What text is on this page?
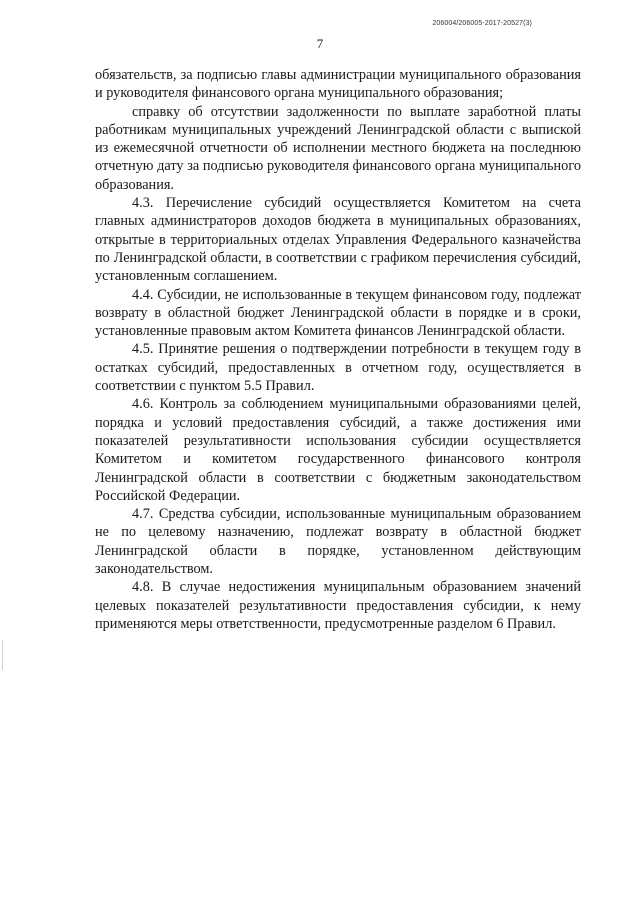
206004/206005-2017-20527(3)
7

обязательств, за подписью главы администрации муниципального образования и руководителя финансового органа муниципального образования;

справку об отсутствии задолженности по выплате заработной платы работникам муниципальных учреждений Ленинградской области с выпиской из ежемесячной отчетности об исполнении местного бюджета на последнюю отчетную дату за подписью руководителя финансового органа муниципального образования.

4.3. Перечисление субсидий осуществляется Комитетом на счета главных администраторов доходов бюджета в муниципальных образованиях, открытые в территориальных отделах Управления Федерального казначейства по Ленинградской области, в соответствии с графиком перечисления субсидий, установленным соглашением.

4.4. Субсидии, не использованные в текущем финансовом году, подлежат возврату в областной бюджет Ленинградской области в порядке и в сроки, установленные правовым актом Комитета финансов Ленинградской области.

4.5. Принятие решения о подтверждении потребности в текущем году в остатках субсидий, предоставленных в отчетном году, осуществляется в соответствии с пунктом 5.5 Правил.

4.6. Контроль за соблюдением муниципальными образованиями целей, порядка и условий предоставления субсидий, а также достижения ими показателей результативности использования субсидии осуществляется Комитетом и комитетом государственного финансового контроля Ленинградской области в соответствии с бюджетным законодательством Российской Федерации.

4.7. Средства субсидии, использованные муниципальным образованием не по целевому назначению, подлежат возврату в областной бюджет Ленинградской области в порядке, установленном действующим законодательством.

4.8. В случае недостижения муниципальным образованием значений целевых показателей результативности предоставления субсидии, к нему применяются меры ответственности, предусмотренные разделом 6 Правил.
